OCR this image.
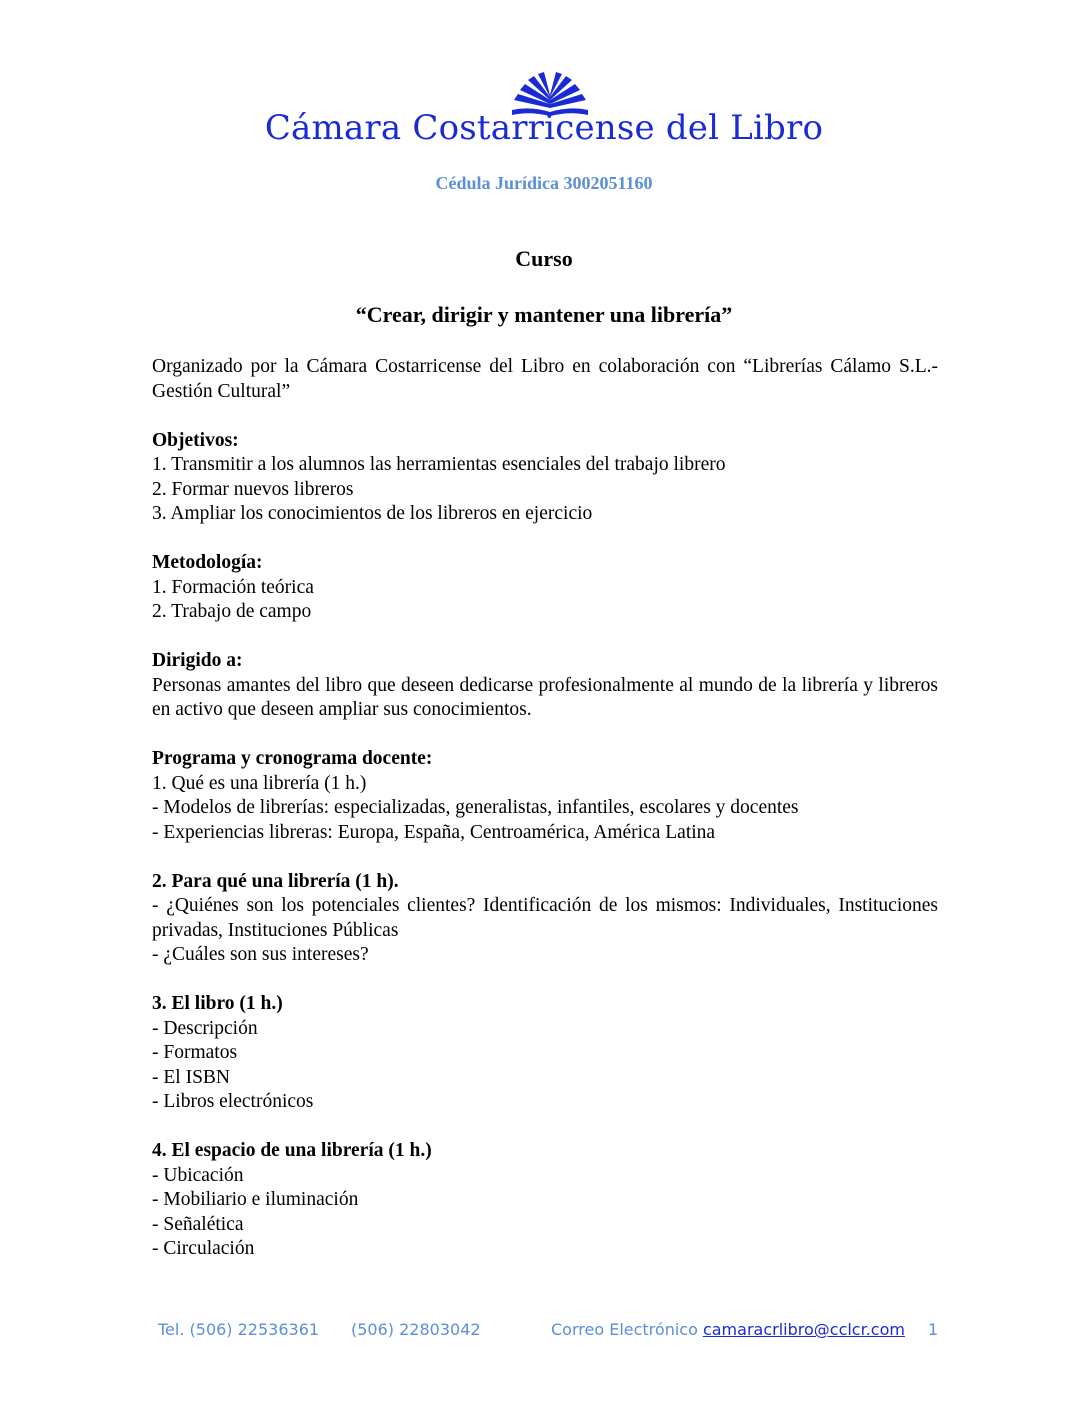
Cámara Costarricense del Libro
Cédula Jurídica 3002051160
Curso
“Crear, dirigir y mantener una librería”

Organizado por la Cámara Costarricense del Libro en colaboración con “Librerías Cálamo S.L.-Gestión Cultural”

Objetivos:

1. Transmitir a los alumnos las herramientas esenciales del trabajo librero

2. Formar nuevos libreros

3. Ampliar los conocimientos de los libreros en ejercicio

Metodología:

1. Formación teórica

2. Trabajo de campo

Dirigido a:

Personas amantes del libro que deseen dedicarse profesionalmente al mundo de la librería y libreros en activo que deseen ampliar sus conocimientos.

Programa y cronograma docente:

1. Qué es una librería (1 h.)

- Modelos de librerías: especializadas, generalistas, infantiles, escolares y docentes

- Experiencias libreras: Europa, España, Centroamérica, América Latina

2. Para qué una librería (1 h).

- ¿Quiénes son los potenciales clientes? Identificación de los mismos: Individuales, Instituciones privadas, Instituciones Públicas

- ¿Cuáles son sus intereses?

3. El libro (1 h.)

- Descripción

- Formatos

- El ISBN

- Libros electrónicos

4. El espacio de una librería (1 h.)

- Ubicación

- Mobiliario e iluminación

- Señalética

- Circulación

Tel. (506) 22536361 (506) 22803042	Correo Electrónico camaracrlibro@cclcr.com 1
